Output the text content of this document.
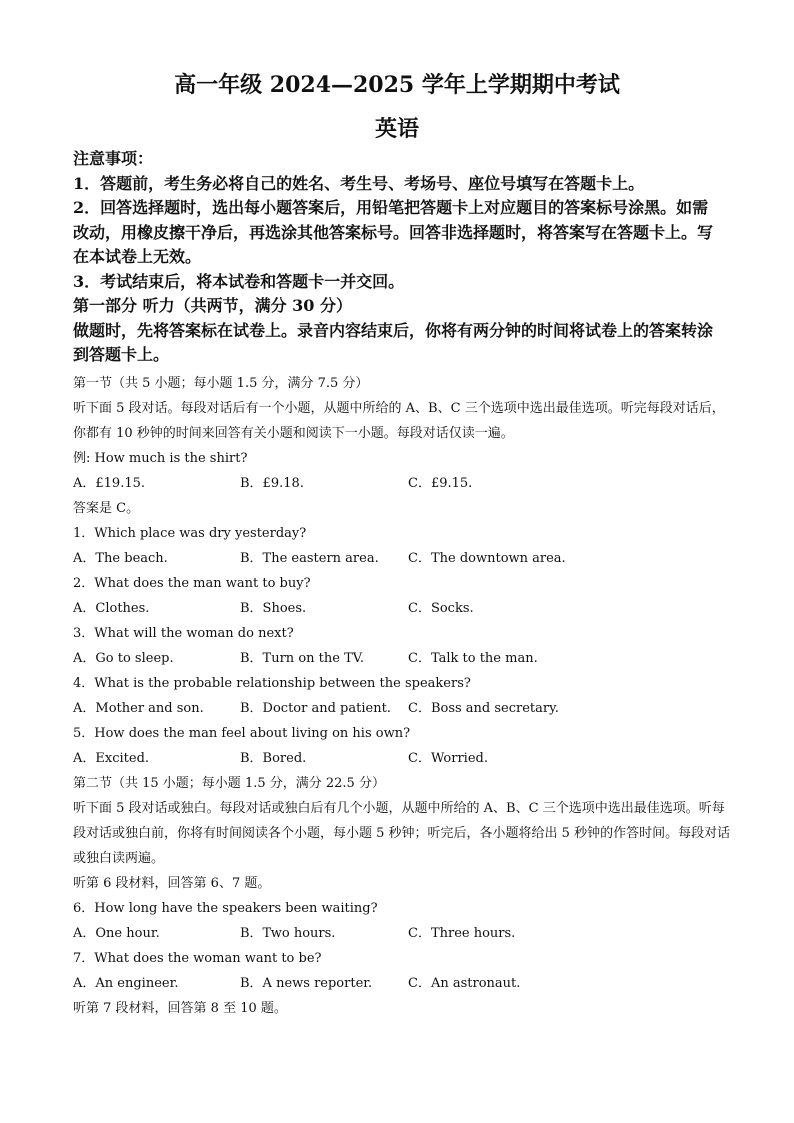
高一年级 2024—2025 学年上学期期中考试
英语

注意事项：

1．答题前，考生务必将自己的姓名、考生号、考场号、座位号填写在答题卡上。

2．回答选择题时，选出每小题答案后，用铅笔把答题卡上对应题目的答案标号涂黑。如需改动，用橡皮擦干净后，再选涂其他答案标号。回答非选择题时，将答案写在答题卡上。写在本试卷上无效。

3．考试结束后，将本试卷和答题卡一并交回。

第一部分 听力（共两节，满分 30 分）

做题时，先将答案标在试卷上。录音内容结束后，你将有两分钟的时间将试卷上的答案转涂到答题卡上。

第一节（共 5 小题；每小题 1.5 分，满分 7.5 分）

听下面 5 段对话。每段对话后有一个小题，从题中所给的 A、B、C 三个选项中选出最佳选项。听完每段对话后，你都有 10 秒钟的时间来回答有关小题和阅读下一小题。每段对话仅读一遍。

例: How much is the shirt?

A．£19.15.	B．£9.18.	C．£9.15.

答案是 C。

1．Which place was dry yesterday?

A．The beach.	B．The eastern area. C．The downtown area.

2．What does the man want to buy?

A．Clothes.	B．Shoes.	C．Socks.

3．What will the woman do next?

A．Go to sleep.	B．Turn on the TV.	C．Talk to the man.

4．What is the probable relationship between the speakers?

A．Mother and son.	B．Doctor and patient. C．Boss and secretary.

5．How does the man feel about living on his own?

A．Excited.	B．Bored.	C．Worried.

第二节（共 15 小题；每小题 1.5 分，满分 22.5 分）

听下面 5 段对话或独白。每段对话或独白后有几个小题，从题中所给的 A、B、C 三个选项中选出最佳选项。听每段对话或独白前，你将有时间阅读各个小题，每小题 5 秒钟；听完后，各小题将给出 5 秒钟的作答时间。每段对话或独白读两遍。

听第 6 段材料，回答第 6、7 题。

6．How long have the speakers been waiting?

A．One hour.	B．Two hours.	C．Three hours.

7．What does the woman want to be?

A．An engineer.	B．A news reporter.	C．An astronaut.

听第 7 段材料，回答第 8 至 10 题。
